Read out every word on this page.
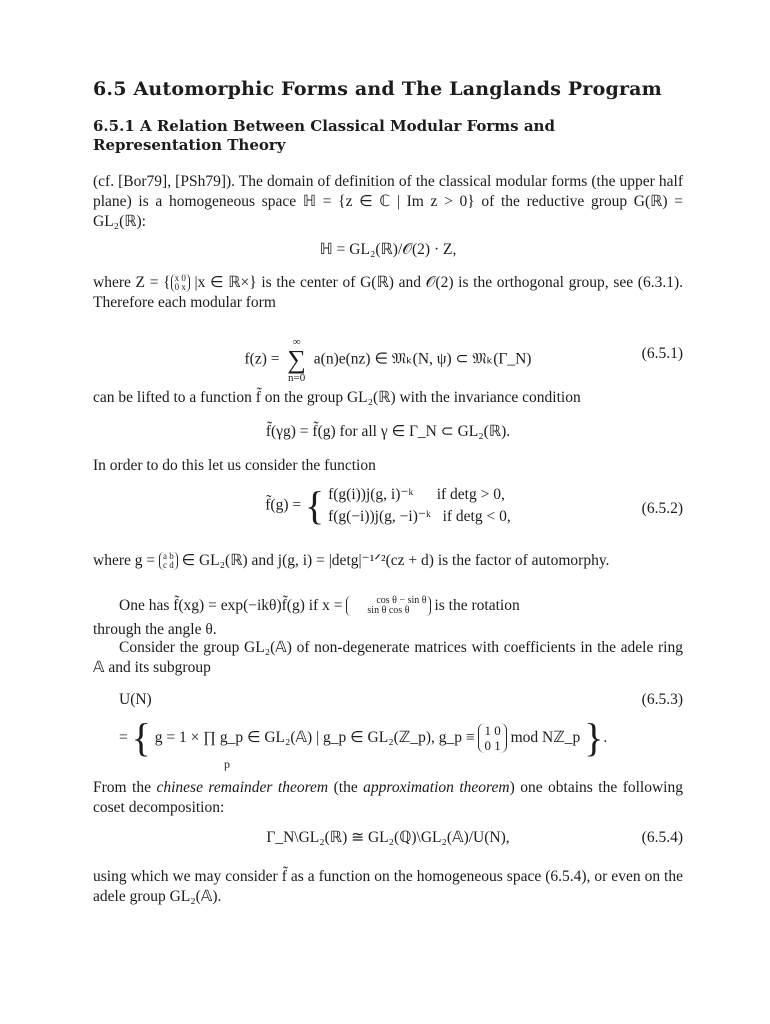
6.5 Automorphic Forms and The Langlands Program
6.5.1 A Relation Between Classical Modular Forms and
Representation Theory
(cf. [Bor79], [PSh79]). The domain of definition of the classical modular forms (the upper half plane) is a homogeneous space ℍ = {z ∈ ℂ | Im z > 0} of the reductive group G(ℝ) = GL₂(ℝ):
ℍ = GL₂(ℝ)/𝒪(2) · Z,
where Z = { x 0
0 x |x ∈ ℝ×} is the center of G(ℝ) and 𝒪(2) is the orthogonal group, see (6.3.1). Therefore each modular form
f(z) =
∞
∑
n=0
a(n)e(nz) ∈ 𝔐ₖ(N, ψ) ⊂ 𝔐ₖ(Γ_N)	(6.5.1)
can be lifted to a function f̃ on the group GL₂(ℝ) with the invariance condition
f̃(γg) = f̃(g) for all γ ∈ Γ_N ⊂ GL₂(ℝ).
In order to do this let us consider the function
f̃(g) = { f(g(i))j(g, i)⁻ᵏ if detg > 0,
f(g(−i))j(g, −i)⁻ᵏ if detg < 0,	(6.5.2)
where g = a b
c d ∈ GL₂(ℝ) and j(g, i) = |detg|⁻¹ᐟ²(cz + d) is the factor of automorphy.
One has f̃(xg) = exp(−ikθ)f̃(g) if x =	cos θ − sin θ
sin θ cos θ is the rotation
through the angle θ.
Consider the group GL₂(𝔸) of non-degenerate matrices with coefficients in the adele ring 𝔸 and its subgroup
U(N)	(6.5.3)
= { g = 1 × ∏ g_p ∈ GL₂(𝔸) | g_p ∈ GL₂(ℤ_p), g_p ≡ 1 0
0 1 mod Nℤ_p }.
p
From the chinese remainder theorem (the approximation theorem) one obtains the following coset decomposition:
Γ_N\GL₂(ℝ) ≅ GL₂(ℚ)\GL₂(𝔸)/U(N),	(6.5.4)
using which we may consider f̃ as a function on the homogeneous space (6.5.4), or even on the adele group GL₂(𝔸).
